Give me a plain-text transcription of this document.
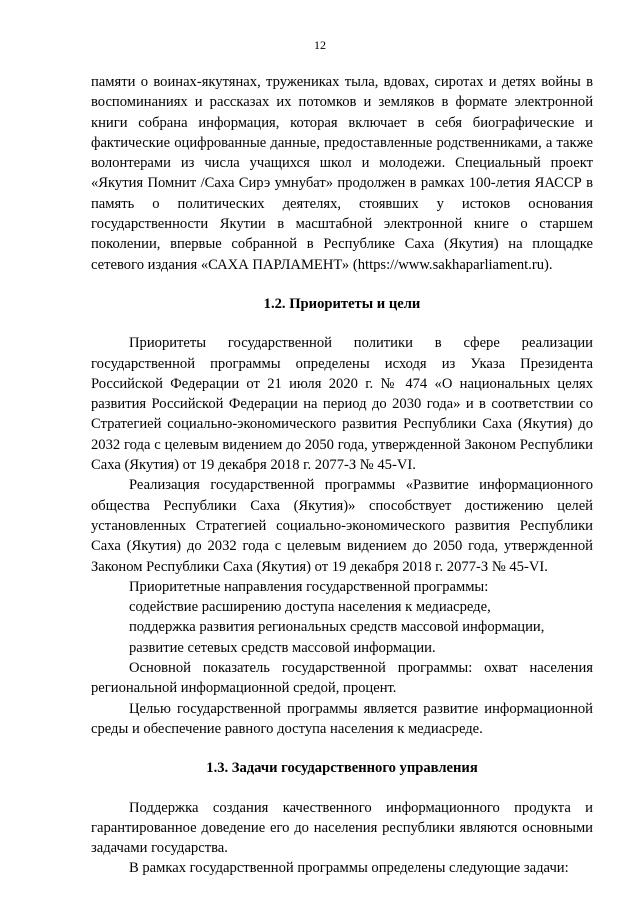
12

памяти о воинах-якутянах, тружениках тыла, вдовах, сиротах и детях войны в воспоминаниях и рассказах их потомков и земляков в формате электронной книги собрана информация, которая включает в себя биографические и фактические оцифрованные данные, предоставленные родственниками, а также волонтерами из числа учащихся школ и молодежи. Специальный проект «Якутия Помнит /Саха Сирэ умнубат» продолжен в рамках 100-летия ЯАССР в память о политических деятелях, стоявших у истоков основания государственности Якутии в масштабной электронной книге о старшем поколении, впервые собранной в Республике Саха (Якутия) на площадке сетевого издания «САХА ПАРЛАМЕНТ» (https://www.sakhaparliament.ru).

1.2. Приоритеты и цели

Приоритеты государственной политики в сфере реализации государственной программы определены исходя из Указа Президента Российской Федерации от 21 июля 2020 г. № 474 «О национальных целях развития Российской Федерации на период до 2030 года» и в соответствии со Стратегией социально-экономического развития Республики Саха (Якутия) до 2032 года с целевым видением до 2050 года, утвержденной Законом Республики Саха (Якутия) от 19 декабря 2018 г. 2077-З № 45-VI.

Реализация государственной программы «Развитие информационного общества Республики Саха (Якутия)» способствует достижению целей установленных Стратегией социально-экономического развития Республики Саха (Якутия) до 2032 года с целевым видением до 2050 года, утвержденной Законом Республики Саха (Якутия) от 19 декабря 2018 г. 2077-З № 45-VI.

Приоритетные направления государственной программы:

содействие расширению доступа населения к медиасреде,

поддержка развития региональных средств массовой информации,

развитие сетевых средств массовой информации.

Основной показатель государственной программы: охват населения региональной информационной средой, процент.

Целью государственной программы является развитие информационной среды и обеспечение равного доступа населения к медиасреде.

1.3. Задачи государственного управления

Поддержка создания качественного информационного продукта и гарантированное доведение его до населения республики являются основными задачами государства.

В рамках государственной программы определены следующие задачи:
